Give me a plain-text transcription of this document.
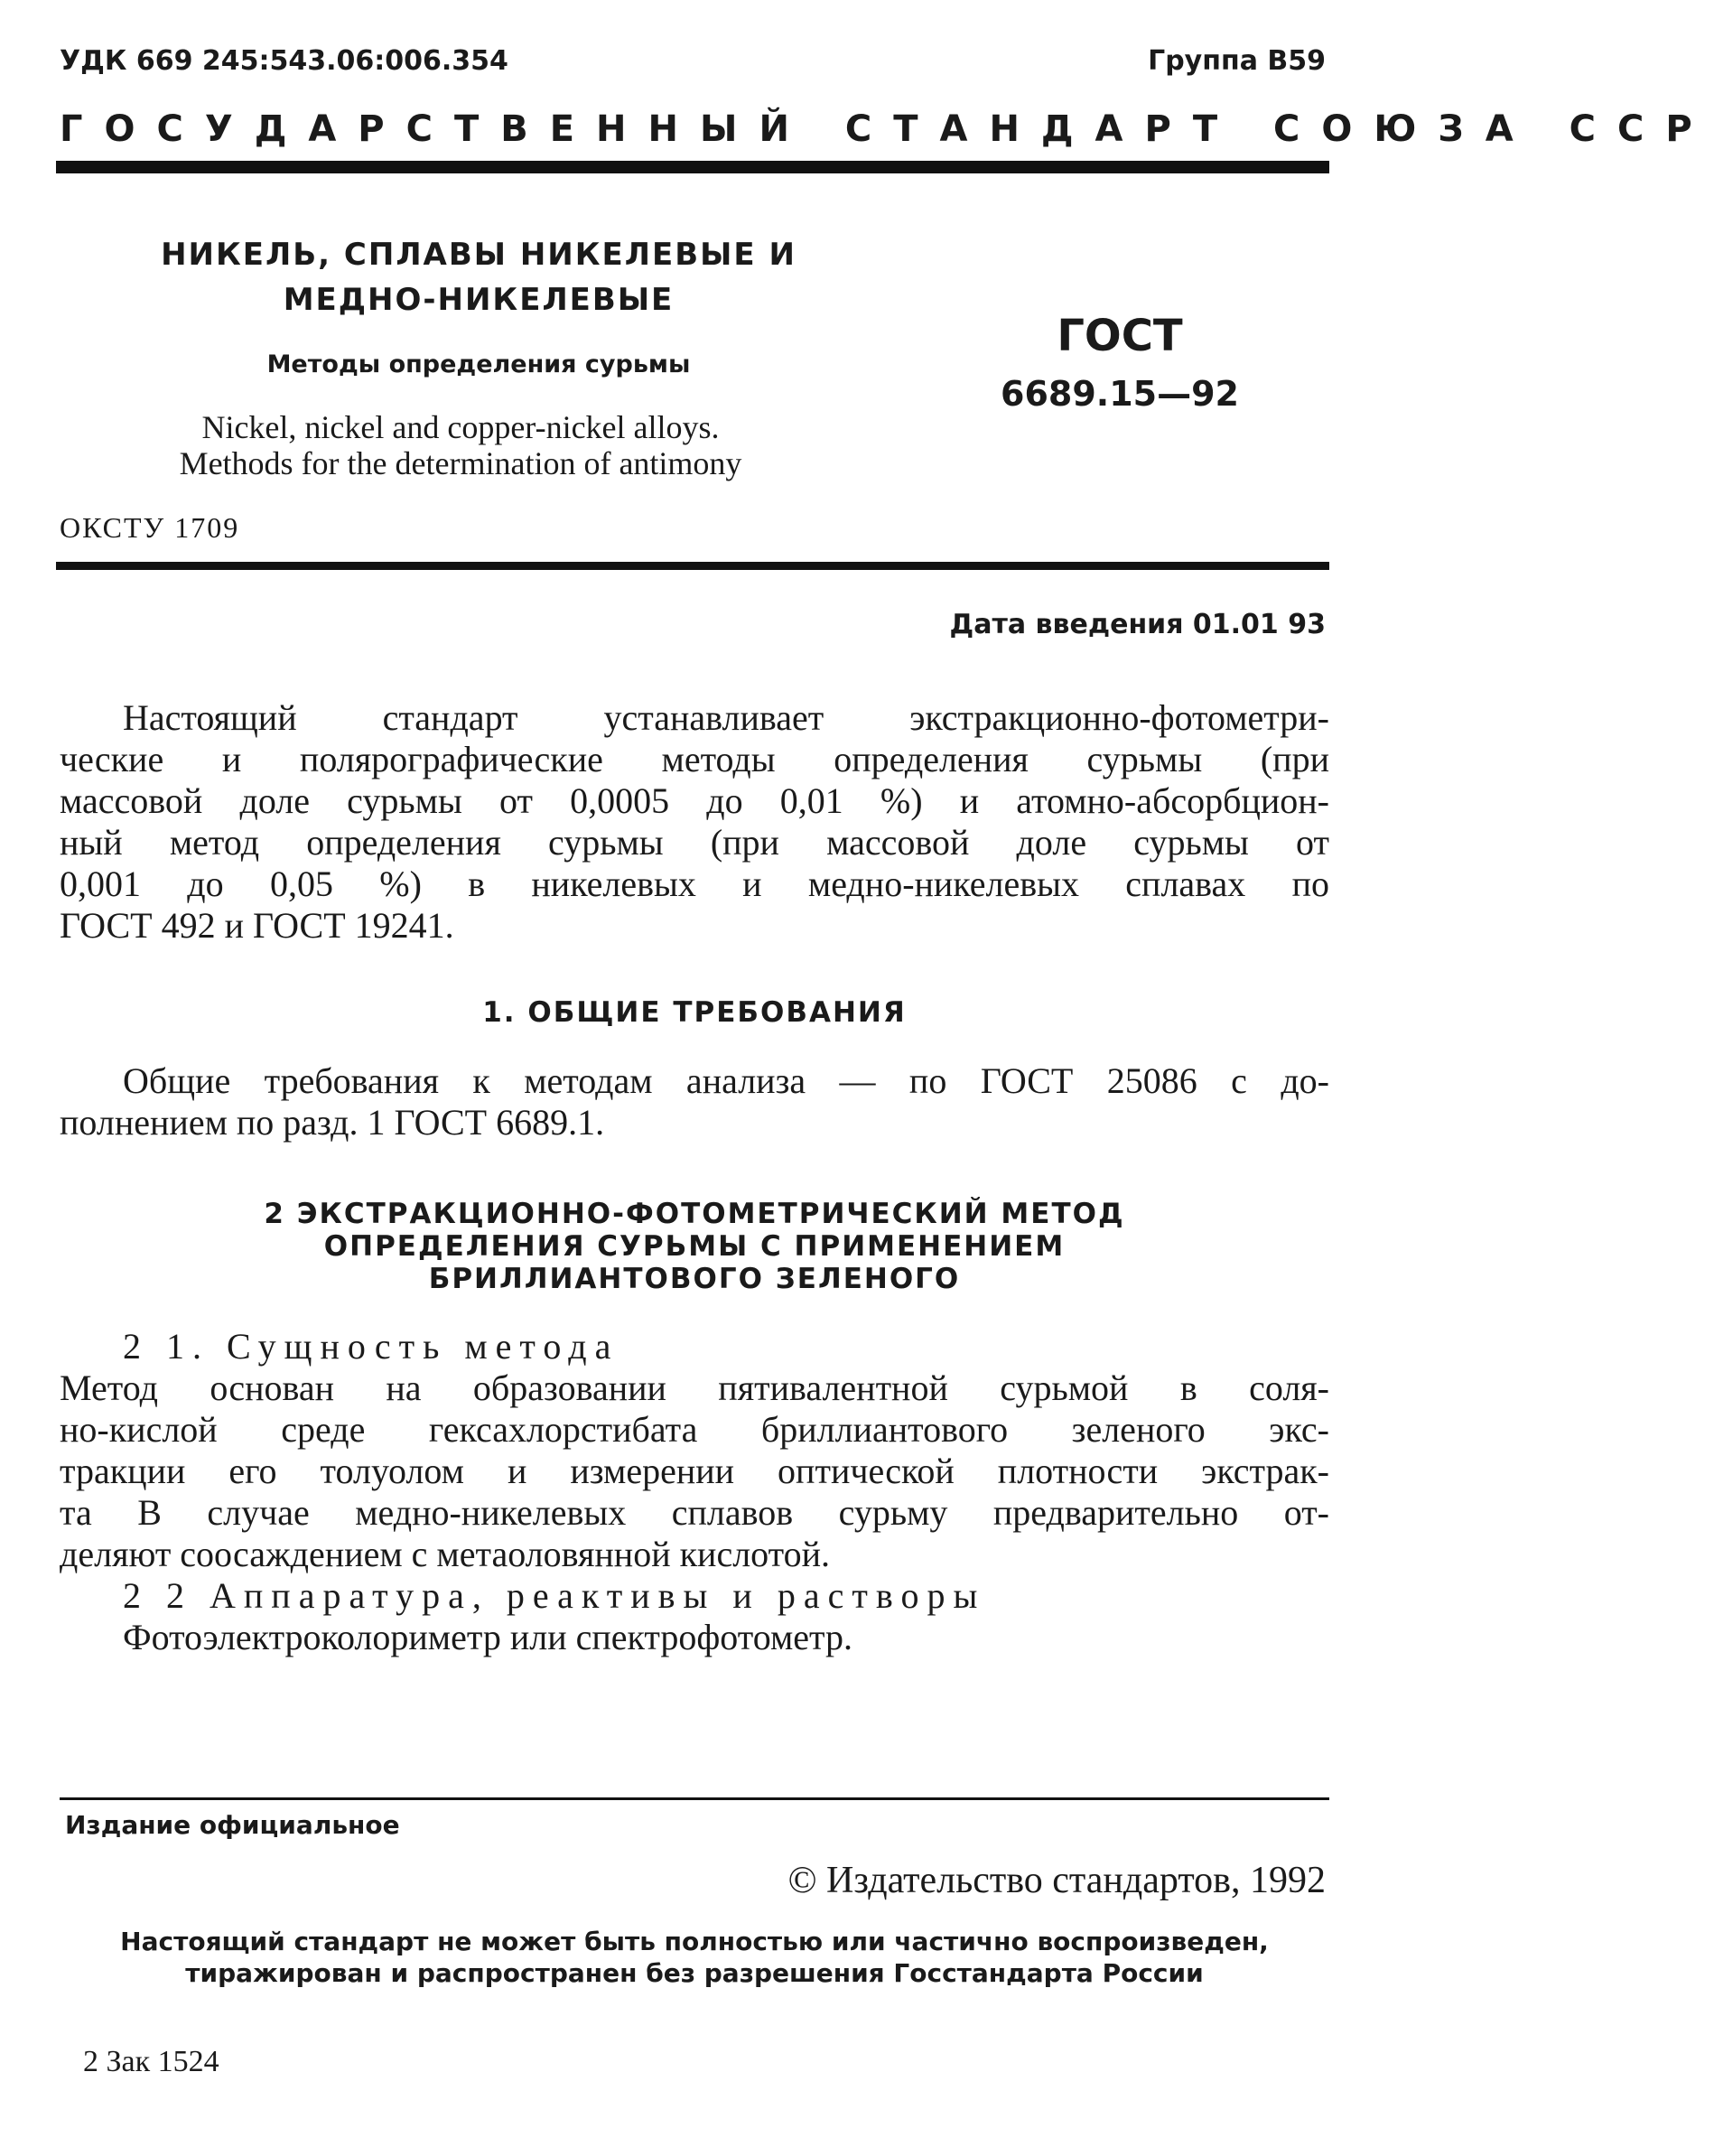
УДК 669 245:543.06:006.354	Группа В59
ГОСУДАРСТВЕННЫЙ СТАНДАРТ СОЮЗА ССР
НИКЕЛЬ, СПЛАВЫ НИКЕЛЕВЫЕ И
МЕДНО-НИКЕЛЕВЫЕ
Методы определения сурьмы
Nickel, nickel and copper-nickel alloys.
Methods for the determination of antimony
ГОСТ
6689.15—92
ОКСТУ 1709
Дата введения 01.01 93
Настоящий стандарт устанавливает экстракционно-фотометри-
ческие и полярографические методы определения сурьмы (при
массовой доле сурьмы от 0,0005 до 0,01 %) и атомно-абсорбцион-
ный метод определения сурьмы (при массовой доле сурьмы от
0,001 до 0,05 %) в никелевых и медно-никелевых сплавах по
ГОСТ 492 и ГОСТ 19241.
1. ОБЩИЕ ТРЕБОВАНИЯ
Общие требования к методам анализа — по ГОСТ 25086 с до-
полнением по разд. 1 ГОСТ 6689.1.
2 ЭКСТРАКЦИОННО-ФОТОМЕТРИЧЕСКИЙ МЕТОД
ОПРЕДЕЛЕНИЯ СУРЬМЫ С ПРИМЕНЕНИЕМ
БРИЛЛИАНТОВОГО ЗЕЛЕНОГО
2 1. Сущность метода
Метод основан на образовании пятивалентной сурьмой в соля-
но-кислой среде гексахлорстибата бриллиантового зеленого экс-
тракции его толуолом и измерении оптической плотности экстрак-
та В случае медно-никелевых сплавов сурьму предварительно от-
деляют соосаждением с метаоловянной кислотой.
2 2 Аппаратура, реактивы и растворы
Фотоэлектроколориметр или спектрофотометр.
Издание официальное
© Издательство стандартов, 1992
Настоящий стандарт не может быть полностью или частично воспроизведен,
тиражирован и распространен без разрешения Госстандарта России
2 Зак 1524
